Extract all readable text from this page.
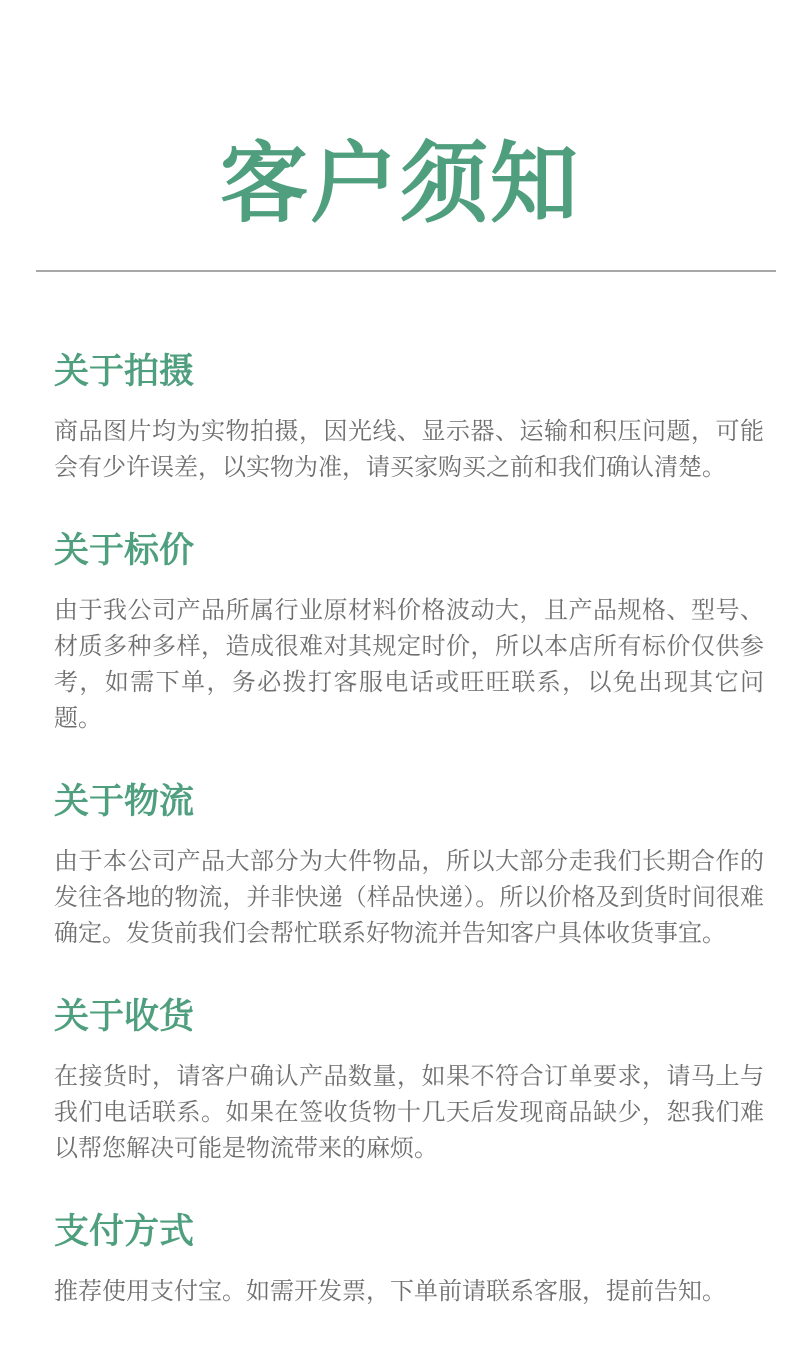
客户须知
关于拍摄

商品图片均为实物拍摄，因光线、显示器、运输和积压问题，可能会有少许误差，以实物为准，请买家购买之前和我们确认清楚。

关于标价

由于我公司产品所属行业原材料价格波动大，且产品规格、型号、材质多种多样，造成很难对其规定时价，所以本店所有标价仅供参考，如需下单，务必拨打客服电话或旺旺联系，以免出现其它问题。

关于物流

由于本公司产品大部分为大件物品，所以大部分走我们长期合作的发往各地的物流，并非快递（样品快递）。所以价格及到货时间很难确定。发货前我们会帮忙联系好物流并告知客户具体收货事宜。

关于收货

在接货时，请客户确认产品数量，如果不符合订单要求，请马上与我们电话联系。如果在签收货物十几天后发现商品缺少，恕我们难以帮您解决可能是物流带来的麻烦。

支付方式

推荐使用支付宝。如需开发票，下单前请联系客服，提前告知。
